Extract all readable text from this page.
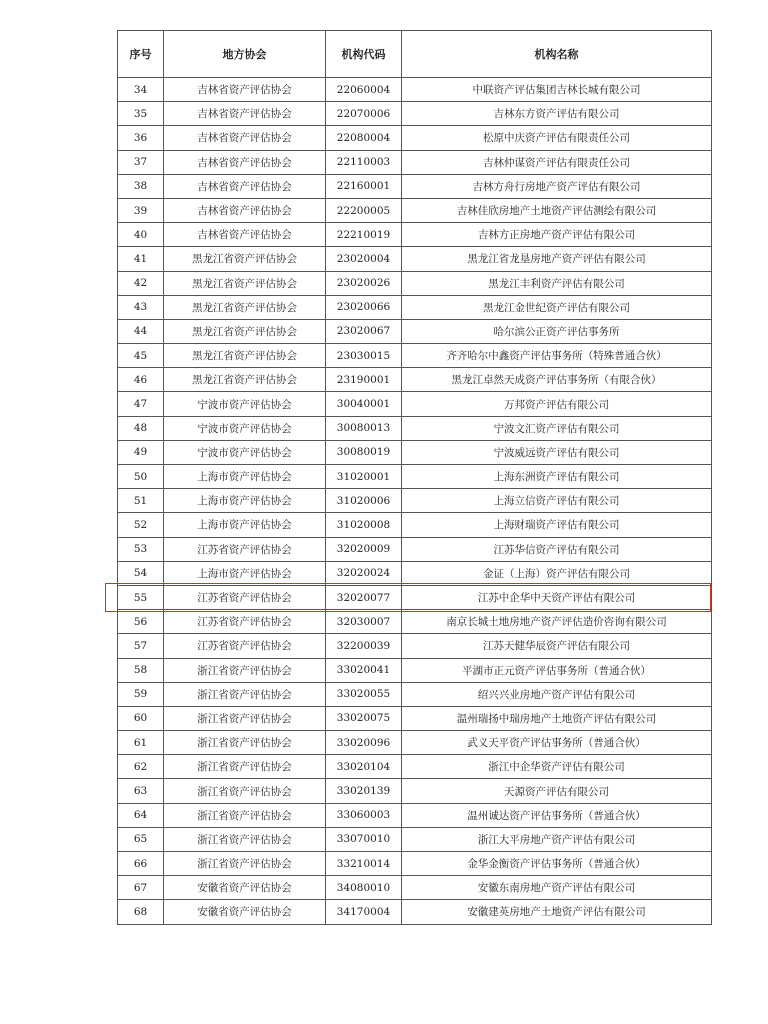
序号	地方协会	机构代码	机构名称
34	吉林省资产评估协会	22060004	中联资产评估集团吉林长城有限公司
35	吉林省资产评估协会	22070006	吉林东方资产评估有限公司
36	吉林省资产评估协会	22080004	松原中庆资产评估有限责任公司
37	吉林省资产评估协会	22110003	吉林仲谋资产评估有限责任公司
38	吉林省资产评估协会	22160001	吉林方舟行房地产资产评估有限公司
39	吉林省资产评估协会	22200005	吉林佳欣房地产土地资产评估测绘有限公司
40	吉林省资产评估协会	22210019	吉林方正房地产资产评估有限公司
41	黑龙江省资产评估协会	23020004	黑龙江省龙垦房地产资产评估有限公司
42	黑龙江省资产评估协会	23020026	黑龙江丰利资产评估有限公司
43	黑龙江省资产评估协会	23020066	黑龙江金世纪资产评估有限公司
44	黑龙江省资产评估协会	23020067	哈尔滨公正资产评估事务所
45	黑龙江省资产评估协会	23030015	齐齐哈尔中鑫资产评估事务所（特殊普通合伙）
46	黑龙江省资产评估协会	23190001	黑龙江卓然天成资产评估事务所（有限合伙）
47	宁波市资产评估协会	30040001	万邦资产评估有限公司
48	宁波市资产评估协会	30080013	宁波文汇资产评估有限公司
49	宁波市资产评估协会	30080019	宁波威远资产评估有限公司
50	上海市资产评估协会	31020001	上海东洲资产评估有限公司
51	上海市资产评估协会	31020006	上海立信资产评估有限公司
52	上海市资产评估协会	31020008	上海财瑞资产评估有限公司
53	江苏省资产评估协会	32020009	江苏华信资产评估有限公司
54	上海市资产评估协会	32020024	金证（上海）资产评估有限公司
55	江苏省资产评估协会	32020077	江苏中企华中天资产评估有限公司
56	江苏省资产评估协会	32030007	南京长城土地房地产资产评估造价咨询有限公司
57	江苏省资产评估协会	32200039	江苏天健华辰资产评估有限公司
58	浙江省资产评估协会	33020041	平湖市正元资产评估事务所（普通合伙）
59	浙江省资产评估协会	33020055	绍兴兴业房地产资产评估有限公司
60	浙江省资产评估协会	33020075	温州瑞扬中瑞房地产土地资产评估有限公司
61	浙江省资产评估协会	33020096	武义天平资产评估事务所（普通合伙）
62	浙江省资产评估协会	33020104	浙江中企华资产评估有限公司
63	浙江省资产评估协会	33020139	天源资产评估有限公司
64	浙江省资产评估协会	33060003	温州诚达资产评估事务所（普通合伙）
65	浙江省资产评估协会	33070010	浙江大平房地产资产评估有限公司
66	浙江省资产评估协会	33210014	金华金衡资产评估事务所（普通合伙）
67	安徽省资产评估协会	34080010	安徽东南房地产资产评估有限公司
68	安徽省资产评估协会	34170004	安徽建英房地产土地资产评估有限公司
